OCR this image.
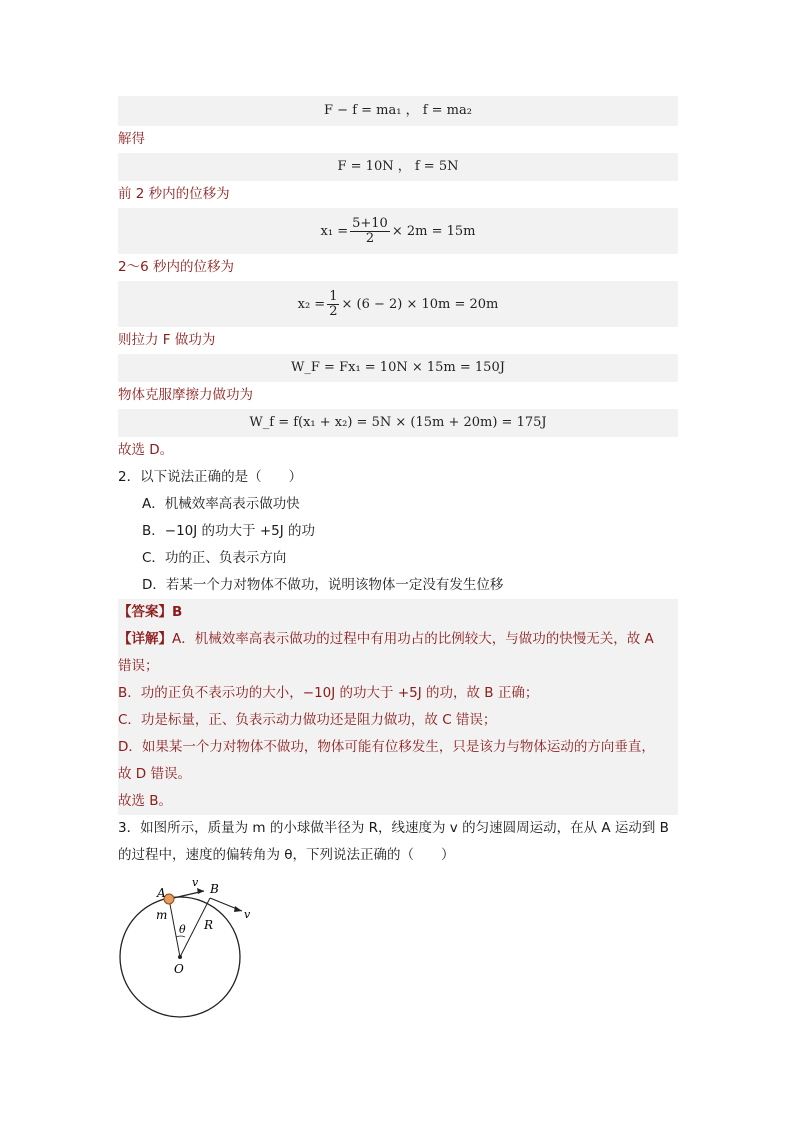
F − f = ma₁ ， f = ma₂
解得
F = 10N ， f = 5N
前 2 秒内的位移为
$x_1 = \frac{5+10}{2} \times 2m = 15m$
2～6 秒内的位移为
$x_2 = \frac{1}{2} \times (6 - 2) \times 10m = 20m$
则拉力 F 做功为
W_F = Fx₁ = 10N × 15m = 150J
物体克服摩擦力做功为
W_f = f(x₁ + x₂) = 5N × (15m + 20m) = 175J
故选 D。
2．以下说法正确的是（　　）
A．机械效率高表示做功快
B．−10J 的功大于 +5J 的功
C．功的正、负表示方向
D．若某一个力对物体不做功，说明该物体一定没有发生位移
【答案】B
【详解】A．机械效率高表示做功的过程中有用功占的比例较大，与做功的快慢无关，故 A
错误；
B．功的正负不表示功的大小，−10J 的功大于 +5J 的功，故 B 正确；
C．功是标量，正、负表示动力做功还是阻力做功，故 C 错误；
D．如果某一个力对物体不做功，物体可能有位移发生，只是该力与物体运动的方向垂直，
故 D 错误。
故选 B。
3．如图所示，质量为 m 的小球做半径为 R，线速度为 v 的匀速圆周运动，在从 A 运动到 B
的过程中，速度的偏转角为 θ，下列说法正确的（　　）
A	B
v
v
m
θ R
O
